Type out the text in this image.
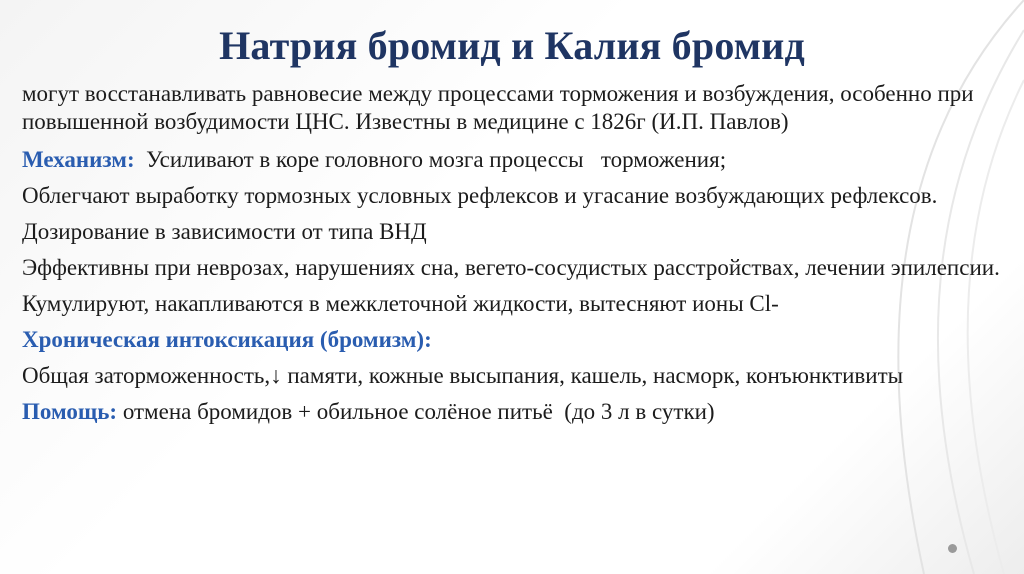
Натрия бромид и Калия бромид

могут восстанавливать равновесие между процессами торможения и возбуждения, особенно при повышенной возбудимости ЦНС. Известны в медицине с 1826г (И.П. Павлов)

Механизм:  Усиливают в коре головного мозга процессы   торможения;

Облегчают выработку тормозных условных рефлексов и угасание возбуждающих рефлексов.

Дозирование в зависимости от типа ВНД

Эффективны при неврозах, нарушениях сна, вегето-сосудистых расстройствах, лечении эпилепсии.

Кумулируют, накапливаются в межклеточной жидкости, вытесняют ионы Cl-

Хроническая интоксикация (бромизм):

Общая заторможенность,↓ памяти, кожные высыпания, кашель, насморк, конъюнктивиты

Помощь: отмена бромидов + обильное солёное питьё  (до 3 л в сутки)
